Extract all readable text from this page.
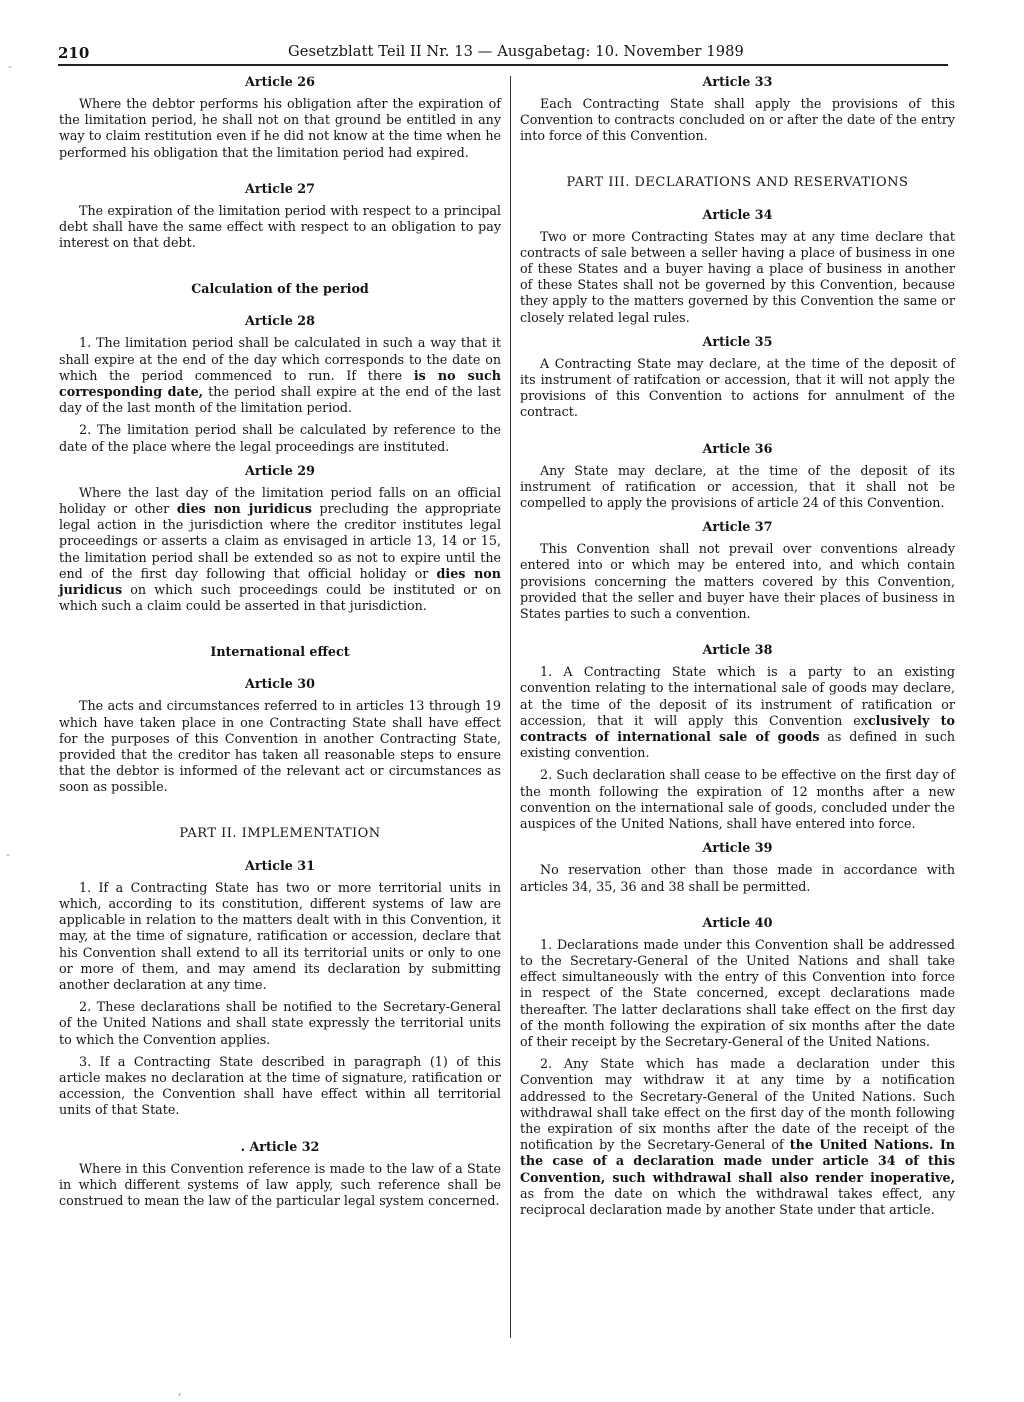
210	Gesetzblatt Teil II Nr. 13 — Ausgabetag: 10. November 1989
-
-
,
Article 26

Where the debtor performs his obligation after the expiration of the limitation period, he shall not on that ground be entitled in any way to claim restitution even if he did not know at the time when he performed his obligation that the limitation period had expired.

Article 27

The expiration of the limitation period with respect to a principal debt shall have the same effect with respect to an obligation to pay interest on that debt.

Calculation of the period
Article 28

1. The limitation period shall be calculated in such a way that it shall expire at the end of the day which corresponds to the date on which the period commenced to run. If there is no such corresponding date, the period shall expire at the end of the last day of the last month of the limitation period.

2. The limitation period shall be calculated by reference to the date of the place where the legal proceedings are instituted.

Article 29

Where the last day of the limitation period falls on an official holiday or other dies non juridicus precluding the appropriate legal action in the jurisdiction where the creditor institutes legal proceedings or asserts a claim as envisaged in article 13, 14 or 15, the limitation period shall be extended so as not to expire until the end of the first day following that official holiday or dies non juridicus on which such proceedings could be instituted or on which such a claim could be asserted in that jurisdiction.

International effect
Article 30

The acts and circumstances referred to in articles 13 through 19 which have taken place in one Contracting State shall have effect for the purposes of this Convention in another Contracting State, provided that the creditor has taken all reasonable steps to ensure that the debtor is informed of the relevant act or circumstances as soon as possible.

PART II. IMPLEMENTATION
Article 31

1. If a Contracting State has two or more territorial units in which, according to its constitution, different systems of law are applicable in relation to the matters dealt with in this Convention, it may, at the time of signature, ratification or accession, declare that his Convention shall extend to all its territorial units or only to one or more of them, and may amend its declaration by submitting another declaration at any time.

2. These declarations shall be notified to the Secretary-General of the United Nations and shall state expressly the territorial units to which the Convention applies.

3. If a Contracting State described in paragraph (1) of this article makes no declaration at the time of signature, ratification or accession, the Convention shall have effect within all territorial units of that State.

. Article 32

Where in this Convention reference is made to the law of a State in which different systems of law apply, such reference shall be construed to mean the law of the particular legal system concerned.

Article 33

Each Contracting State shall apply the provisions of this Convention to contracts concluded on or after the date of the entry into force of this Convention.

PART III. DECLARATIONS AND RESERVATIONS
Article 34

Two or more Contracting States may at any time declare that contracts of sale between a seller having a place of business in one of these States and a buyer having a place of business in another of these States shall not be governed by this Convention, because they apply to the matters governed by this Convention the same or closely related legal rules.

Article 35

A Contracting State may declare, at the time of the deposit of its instrument of ratifcation or accession, that it will not apply the provisions of this Convention to actions for annulment of the contract.

Article 36

Any State may declare, at the time of the deposit of its instrument of ratification or accession, that it shall not be compelled to apply the provisions of article 24 of this Convention.

Article 37

This Convention shall not prevail over conventions already entered into or which may be entered into, and which contain provisions concerning the matters covered by this Convention, provided that the seller and buyer have their places of business in States parties to such a convention.

Article 38

1. A Contracting State which is a party to an existing convention relating to the international sale of goods may declare, at the time of the deposit of its instrument of ratification or accession, that it will apply this Convention exclusively to contracts of international sale of goods as defined in such existing convention.

2. Such declaration shall cease to be effective on the first day of the month following the expiration of 12 months after a new convention on the international sale of goods, concluded under the auspices of the United Nations, shall have entered into force.

Article 39

No reservation other than those made in accordance with articles 34, 35, 36 and 38 shall be permitted.

Article 40

1. Declarations made under this Convention shall be addressed to the Secretary-General of the United Nations and shall take effect simultaneously with the entry of this Convention into force in respect of the State concerned, except declarations made thereafter. The latter declarations shall take effect on the first day of the month following the expiration of six months after the date of their receipt by the Secretary-General of the United Nations.

2. Any State which has made a declaration under this Convention may withdraw it at any time by a notification addressed to the Secretary-General of the United Nations. Such withdrawal shall take effect on the first day of the month following the expiration of six months after the date of the receipt of the notification by the Secretary-General of the United Nations. In the case of a declaration made under article 34 of this Convention, such withdrawal shall also render inoperative, as from the date on which the withdrawal takes effect, any reciprocal declaration made by another State under that article.
